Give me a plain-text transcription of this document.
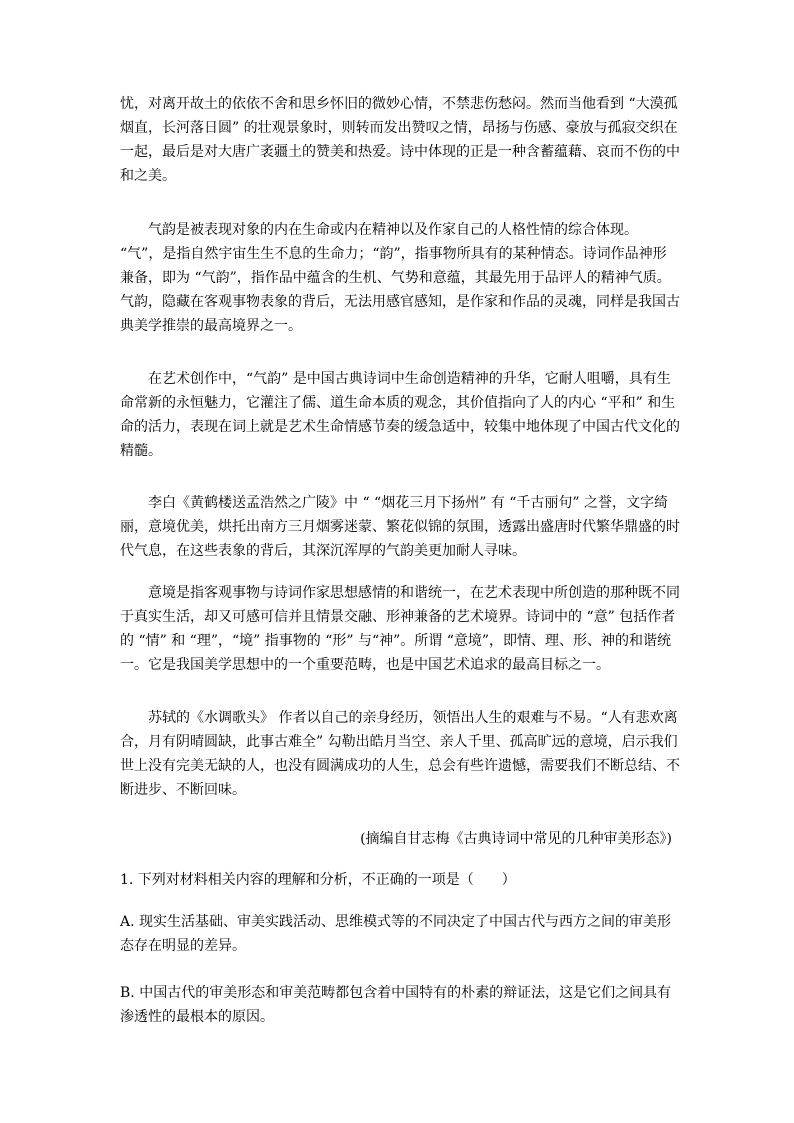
忧，对离开故土的依依不舍和思乡怀旧的微妙心情，不禁悲伤愁闷。然而当他看到 “大漠孤烟直，长河落日圆” 的壮观景象时，则转而发出赞叹之情，昂扬与伤感、豪放与孤寂交织在一起，最后是对大唐广袤疆土的赞美和热爱。诗中体现的正是一种含蓄蕴藉、哀而不伤的中和之美。

气韵是被表现对象的内在生命或内在精神以及作家自己的人格性情的综合体现。 “气”，是指自然宇宙生生不息的生命力；“韵”，指事物所具有的某种情态。诗词作品神形兼备，即为 “气韵”，指作品中蕴含的生机、气势和意蕴，其最先用于品评人的精神气质。气韵，隐藏在客观事物表象的背后，无法用感官感知，是作家和作品的灵魂，同样是我国古典美学推崇的最高境界之一。

在艺术创作中，“气韵” 是中国古典诗词中生命创造精神的升华，它耐人咀嚼，具有生命常新的永恒魅力，它灌注了儒、道生命本质的观念，其价值指向了人的内心 “平和” 和生命的活力，表现在词上就是艺术生命情感节奏的缓急适中，较集中地体现了中国古代文化的精髓。

李白《黄鹤楼送孟浩然之广陵》中 “ “烟花三月下扬州” 有 “千古丽句” 之誉，文字绮丽，意境优美，烘托出南方三月烟雾迷蒙、繁花似锦的氛围，透露出盛唐时代繁华鼎盛的时代气息，在这些表象的背后，其深沉浑厚的气韵美更加耐人寻味。

意境是指客观事物与诗词作家思想感情的和谐统一，在艺术表现中所创造的那种既不同于真实生活，却又可感可信并且情景交融、形神兼备的艺术境界。诗词中的 “意” 包括作者的 “情” 和 “理”，“境” 指事物的 “形” 与“神”。所谓 “意境”，即情、理、形、神的和谐统一。它是我国美学思想中的一个重要范畴，也是中国艺术追求的最高目标之一。

苏轼的《水调歌头》 作者以自己的亲身经历，领悟出人生的艰难与不易。“人有悲欢离合，月有阴晴圆缺，此事古难全” 勾勒出皓月当空、亲人千里、孤高旷远的意境，启示我们世上没有完美无缺的人，也没有圆满成功的人生，总会有些许遗憾，需要我们不断总结、不断进步、不断回味。

(摘编自甘志梅《古典诗词中常见的几种审美形态》)

1. 下列对材料相关内容的理解和分析，不正确的一项是（　　）

A. 现实生活基础、审美实践活动、思维模式等的不同决定了中国古代与西方之间的审美形态存在明显的差异。

B. 中国古代的审美形态和审美范畴都包含着中国特有的朴素的辩证法，这是它们之间具有渗透性的最根本的原因。
